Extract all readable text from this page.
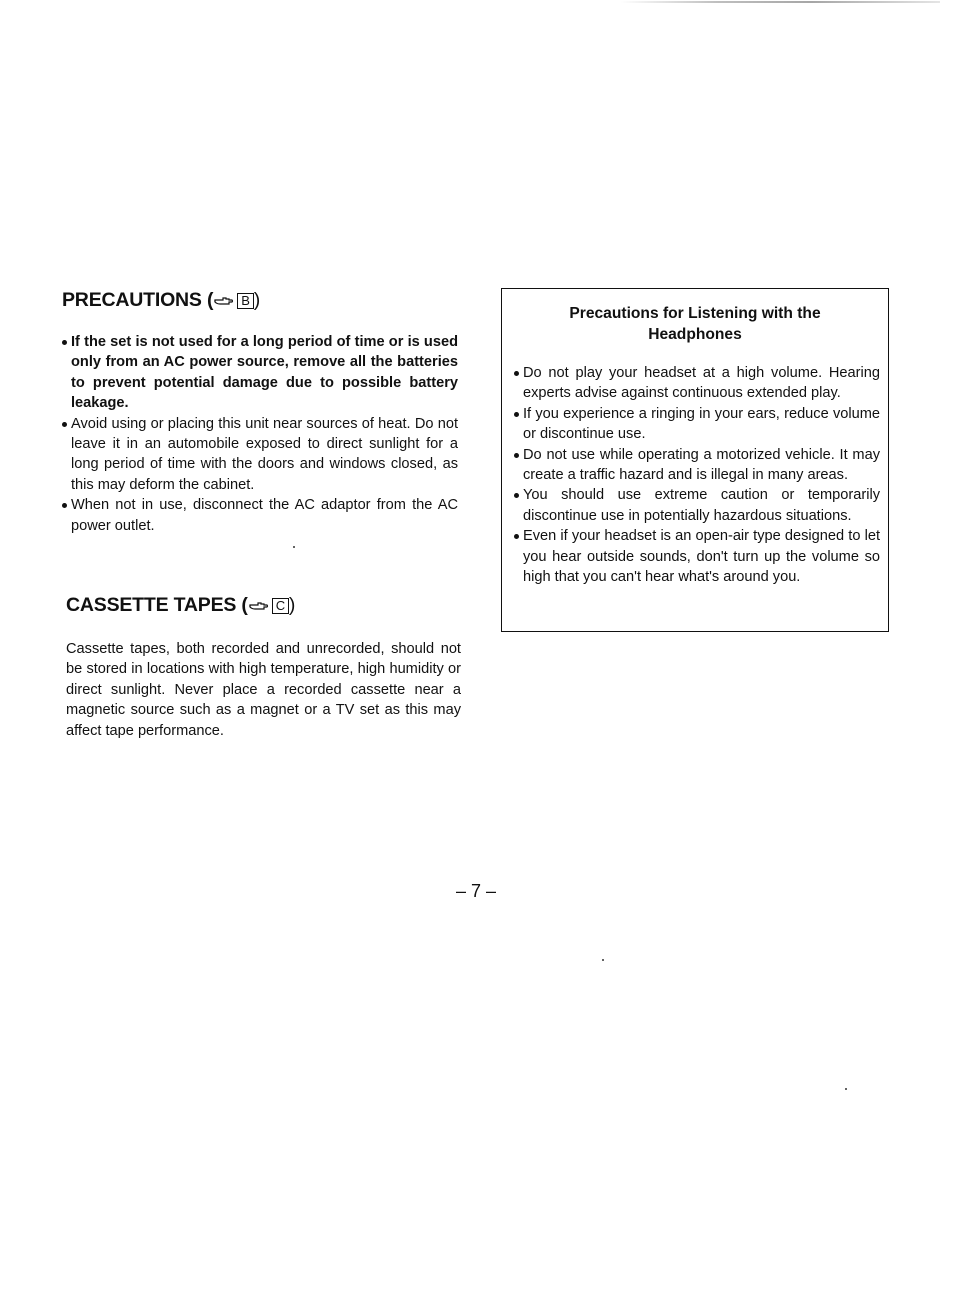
PRECAUTIONS (	B )
If the set is not used for a long period of time or is used only from an AC power source, remove all the batteries to prevent potential damage due to possible battery leakage.
Avoid using or placing this unit near sources of heat. Do not leave it in an automobile exposed to direct sunlight for a long period of time with the doors and windows closed, as this may deform the cabinet.
When not in use, disconnect the AC adaptor from the AC power outlet.
CASSETTE TAPES (	C )
Cassette tapes, both recorded and unrecorded, should not be stored in locations with high temperature, high humidity or direct sunlight. Never place a recorded cassette near a magnetic source such as a magnet or a TV set as this may affect tape performance.
Precautions for Listening with the
Headphones
Do not play your headset at a high volume. Hearing experts advise against continuous extended play.
If you experience a ringing in your ears, reduce volume or discontinue use.
Do not use while operating a motorized vehicle. It may create a traffic hazard and is illegal in many areas.
You should use extreme caution or temporarily discontinue use in potentially hazardous situations.
Even if your headset is an open-air type designed to let you hear outside sounds, don't turn up the volume so high that you can't hear what's around you.
– 7 –
